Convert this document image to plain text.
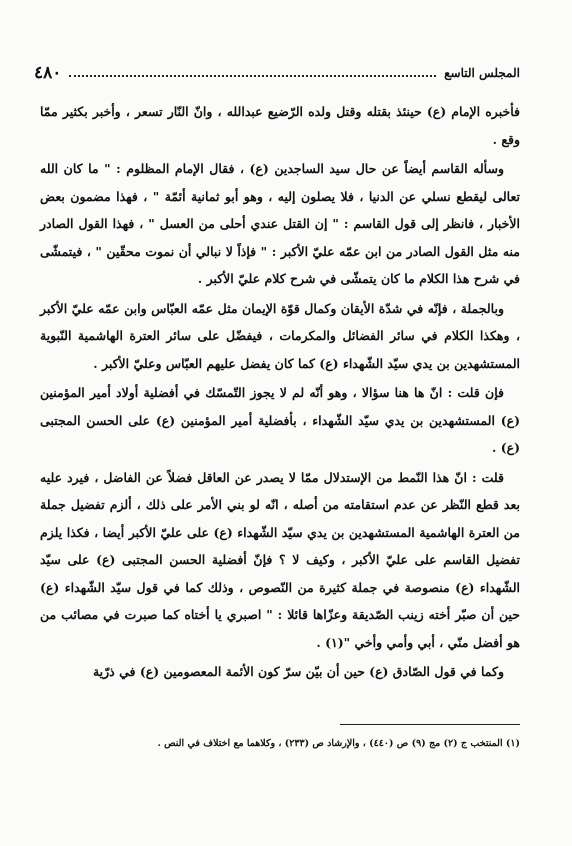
المجلس التاسع
٤٨٠

فأخبره الإمام (ع) حينئذ بقتله وقتل ولده الرّضيع عبدالله ، وانّ النّار تسعر ، وأخبر بكثير ممّا وقع .

وسأله القاسم أيضاً عن حال سيد الساجدين (ع) ، فقال الإمام المظلوم : " ما كان الله تعالى ليقطع نسلي عن الدنيا ، فلا يصلون إليه ، وهو أبو ثمانية أئمّة " ، فهذا مضمون بعض الأخبار ، فانظر إلى قول القاسم : " إن القتل عندي أحلى من العسل " ، فهذا القول الصادر منه مثل القول الصادر من ابن عمّه عليّ الأكبر : " فإذاً لا نبالي أن نموت محقّين " ، فيتمشّى في شرح هذا الكلام ما كان يتمشّى في شرح كلام عليّ الأكبر .

وبالجملة ، فإنّه في شدّة الأيقان وكمال قوّة الإيمان مثل عمّه العبّاس وابن عمّه عليّ الأكبر ، وهكذا الكلام في سائر الفضائل والمكرمات ، فيفضّل على سائر العترة الهاشمية النّبوية المستشهدين بن يدي سيّد الشّهداء (ع) كما كان يفضل عليهم العبّاس وعليّ الأكبر .

فإن قلت : انّ ها هنا سؤالا ، وهو أنّه لم لا يجوز التّمسّك في أفضلية أولاد أمير المؤمنين (ع) المستشهدين بن يدي سيّد الشّهداء ، بأفضلية أمير المؤمنين (ع) على الحسن المجتبى (ع) .

قلت : انّ هذا النّمط من الإستدلال ممّا لا يصدر عن العاقل فضلاً عن الفاضل ، فيرد عليه بعد قطع النّظر عن عدم استقامته من أصله ، انّه لو بني الأمر على ذلك ، ألزم تفضيل جملة من العترة الهاشمية المستشهدين بن يدي سيّد الشّهداء (ع) على عليّ الأكبر أيضا ، فكذا يلزم تفضيل القاسم على عليّ الأكبر ، وكيف لا ؟ فإنّ أفضلية الحسن المجتبى (ع) على سيّد الشّهداء (ع) منصوصة في جملة كثيرة من النّصوص ، وذلك كما في قول سيّد الشّهداء (ع) حين أن صبّر أخته زينب الصّديقة وعزّاها قائلا : " اصبري يا أختاه كما صبرت في مصائب من هو أفضل منّي ، أبي وأمي وأخي "(١) .

وكما في قول الصّادق (ع) حين أن بيّن سرّ كون الأئمة المعصومين (ع) في ذرّية

(١) المنتخب ج (٢) مج (٩) ص (٤٤٠) ، والإرشاد ص (٢٣٣) ، وكلاهما مع اختلاف في النص .
